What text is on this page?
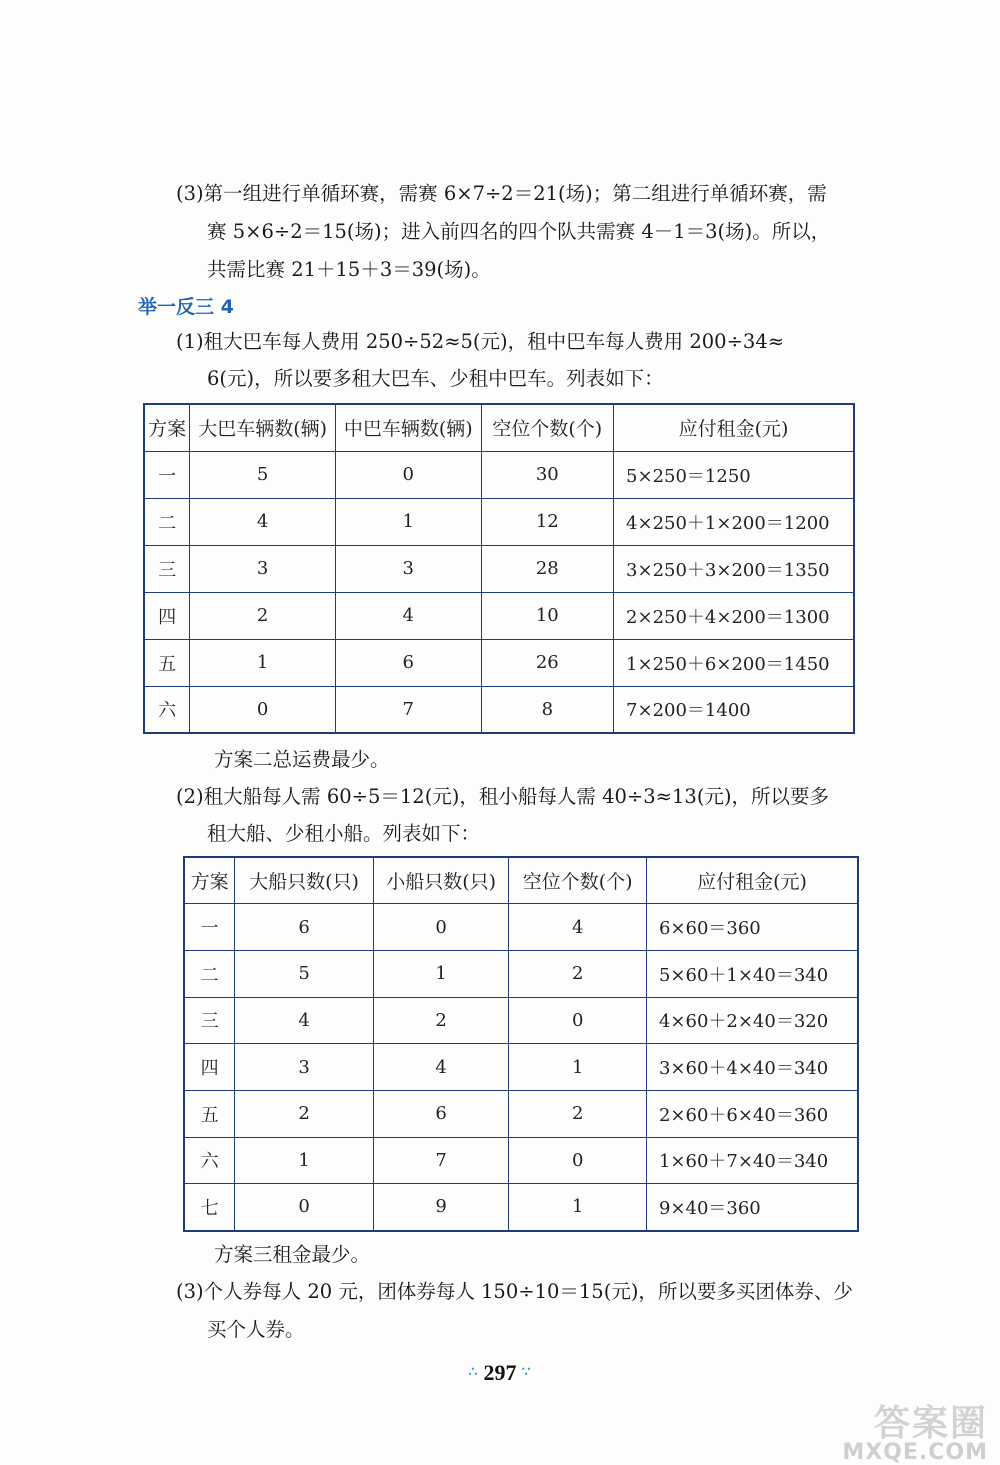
(3)第一组进行单循环赛，需赛 6×7÷2＝21(场)；第二组进行单循环赛，需

赛 5×6÷2＝15(场)；进入前四名的四个队共需赛 4－1＝3(场)。所以，

共需比赛 21＋15＋3＝39(场)。

举一反三 4

(1)租大巴车每人费用 250÷52≈5(元)，租中巴车每人费用 200÷34≈

6(元)，所以要多租大巴车、少租中巴车。列表如下：

方案	大巴车辆数(辆)	中巴车辆数(辆)	空位个数(个)	应付租金(元)
一	5	0	30	5×250＝1250
二	4	1	12	4×250＋1×200＝1200
三	3	3	28	3×250＋3×200＝1350
四	2	4	10	2×250＋4×200＝1300
五	1	6	26	1×250＋6×200＝1450
六	0	7	8	7×200＝1400

方案二总运费最少。

(2)租大船每人需 60÷5＝12(元)，租小船每人需 40÷3≈13(元)，所以要多

租大船、少租小船。列表如下：

方案	大船只数(只)	小船只数(只)	空位个数(个)	应付租金(元)
一	6	0	4	6×60＝360
二	5	1	2	5×60＋1×40＝340
三	4	2	0	4×60＋2×40＝320
四	3	4	1	3×60＋4×40＝340
五	2	6	2	2×60＋6×40＝360
六	1	7	0	1×60＋7×40＝340
七	0	9	1	9×40＝360

方案三租金最少。

(3)个人券每人 20 元，团体券每人 150÷10＝15(元)，所以要多买团体券、少

买个人券。

∴ 297 ∵
答案圈
MXQE.COM
